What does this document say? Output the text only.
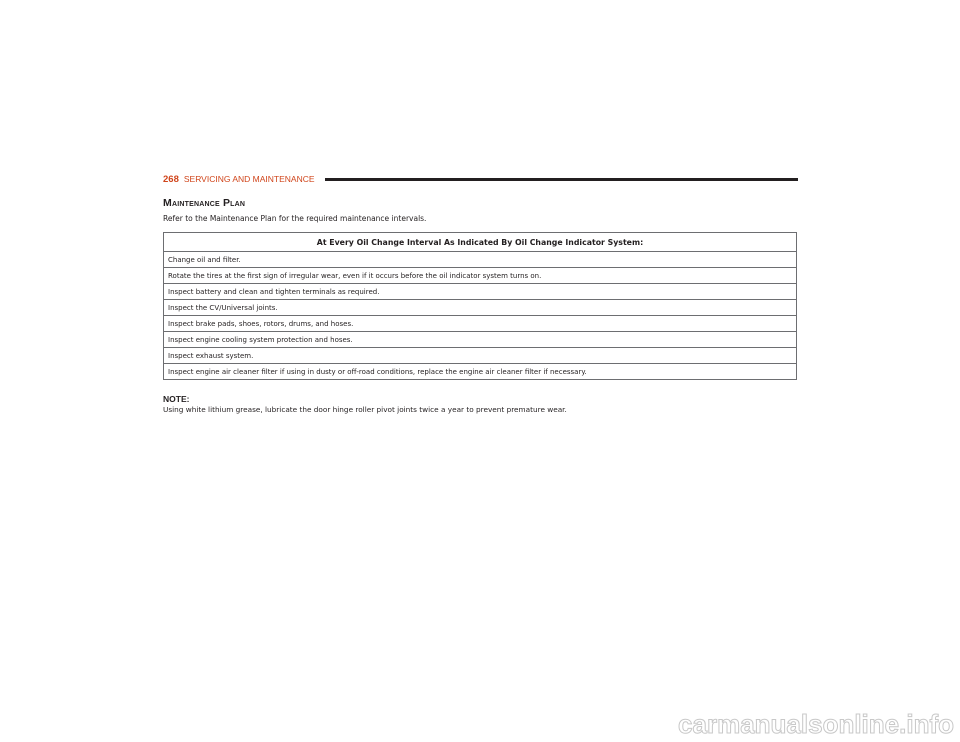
268 SERVICING AND MAINTENANCE
Maintenance Plan

Refer to the Maintenance Plan for the required maintenance intervals.

At Every Oil Change Interval As Indicated By Oil Change Indicator System:
Change oil and filter.
Rotate the tires at the first sign of irregular wear, even if it occurs before the oil indicator system turns on.
Inspect battery and clean and tighten terminals as required.
Inspect the CV/Universal joints.
Inspect brake pads, shoes, rotors, drums, and hoses.
Inspect engine cooling system protection and hoses.
Inspect exhaust system.
Inspect engine air cleaner filter if using in dusty or off-road conditions, replace the engine air cleaner filter if necessary.

NOTE:

Using white lithium grease, lubricate the door hinge roller pivot joints twice a year to prevent premature wear.

carmanualsonline.info
